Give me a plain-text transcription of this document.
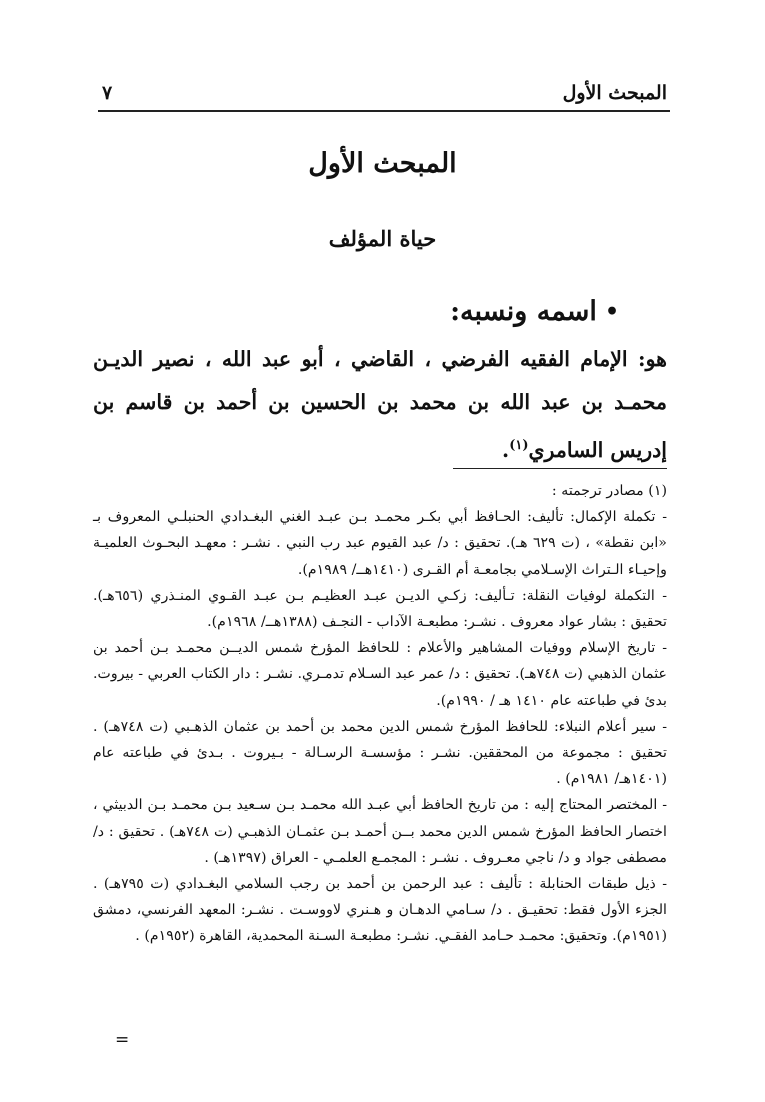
المبحث الأول
٧
المبحث الأول
حياة المؤلف
•
اسمه ونسبه:
هو: الإمام الفقيه الفرضي ، القاضي ، أبو عبد الله ، نصير الديـن محمـد بن عبد الله بن محمد بن الحسين بن أحمد بن قاسم بن إدريس السامري$^{(١)}$.

(١) مصادر ترجمته :

- تكملة الإكمال: تأليف: الحـافظ أبي بكـر محمـد بـن عبـد الغني البغـدادي الحنبلـي المعروف بـ «ابن نقطة» ، (ت ٦٢٩ هـ). تحقيق : د/ عبد القيوم عبد رب النبي . نشـر : معهـد البحـوث العلميـة وإحيـاء الـتراث الإسـلامي بجامعـة أم القـرى (١٤١٠هــ/ ١٩٨٩م).

- التكملة لوفيات النقلة: تـأليف: زكـي الديـن عبـد العظيـم بـن عبـد القـوي المنـذري (٦٥٦هـ). تحقيق : بشار عواد معروف . نشـر: مطبعـة الآداب - النجـف (١٣٨٨هــ/ ١٩٦٨م).

- تاريخ الإسلام ووفيات المشاهير والأعلام : للحافظ المؤرخ شمس الديــن محمـد بـن أحمد بن عثمان الذهبي (ت ٧٤٨هـ). تحقيق : د/ عمر عبد السـلام تدمـري. نشـر : دار الكتاب العربي - بيروت. بدئ في طباعته عام ١٤١٠ هـ / ١٩٩٠م).

- سير أعلام النبلاء: للحافظ المؤرخ شمس الدين محمد بن أحمد بن عثمان الذهـبي (ت ٧٤٨هـ) . تحقيق : مجموعة من المحققين. نشـر : مؤسسـة الرسـالة - بـيروت . بـدئ في طباعته عام (١٤٠١هـ/ ١٩٨١م) .

- المختصر المحتاج إليه : من تاريخ الحافظ أبي عبـد الله محمـد بـن سـعيد بـن محمـد بـن الدبيثي ، اختصار الحافظ المؤرخ شمس الدين محمد بــن أحمـد بـن عثمـان الذهبـي (ت ٧٤٨هـ) . تحقيق : د/ مصطفى جواد و د/ ناجي معـروف . نشـر : المجمـع العلمـي - العراق (١٣٩٧هـ) .

- ذيل طبقات الحنابلة : تأليف : عبد الرحمن بن أحمد بن رجب السلامي البغـدادي (ت ٧٩٥هـ) . الجزء الأول فقط: تحقيـق . د/ سـامي الدهـان و هـنري لاووسـت . نشـر: المعهد الفرنسي، دمشق (١٩٥١م). وتحقيق: محمـد حـامد الفقـي. نشـر: مطبعـة السـنة المحمدية، القاهرة (١٩٥٢م) .

=
